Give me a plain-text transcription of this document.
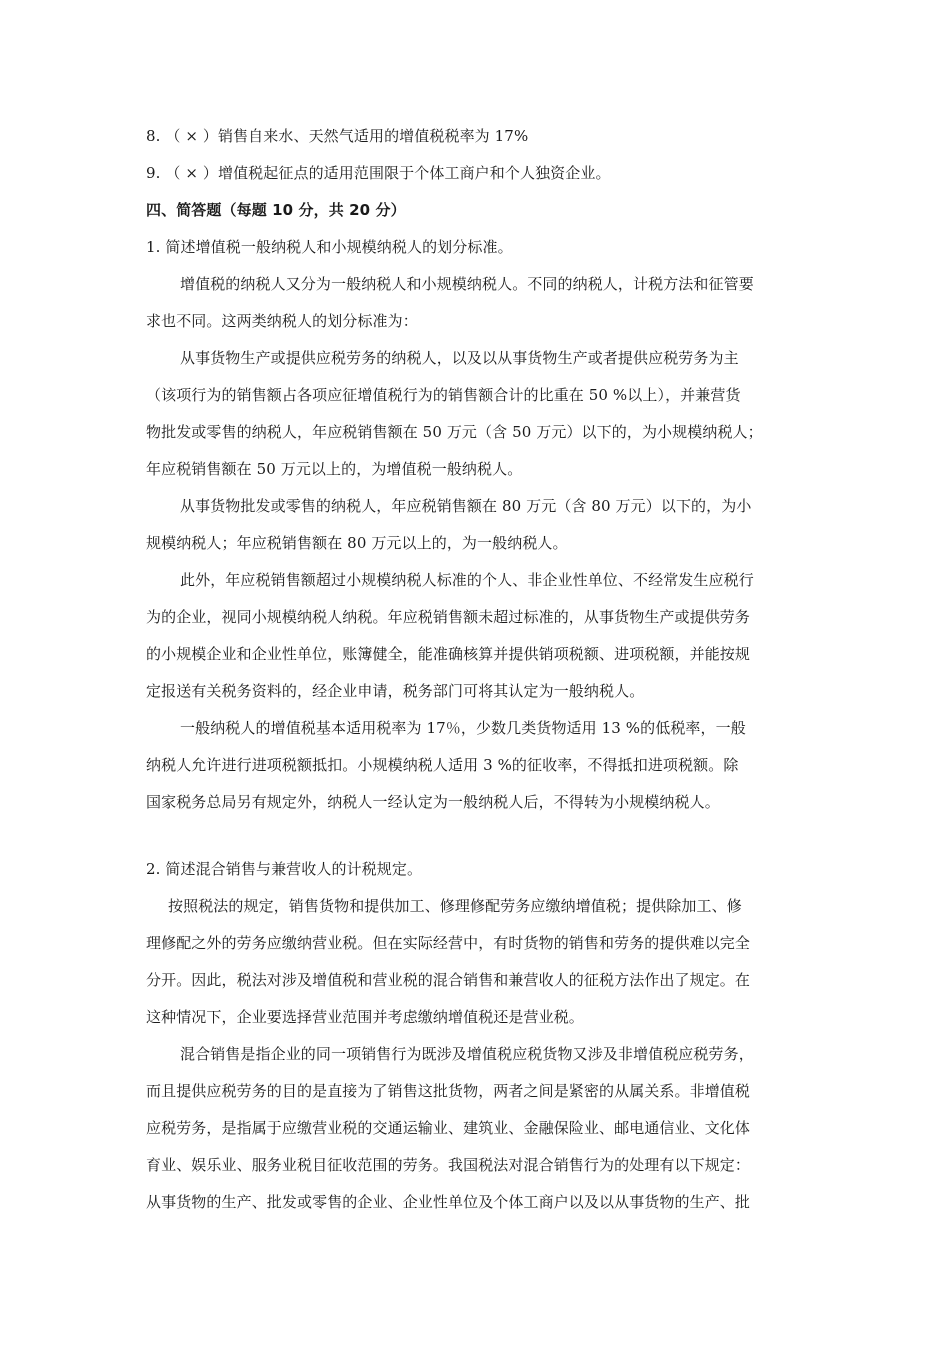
8. （ × ）销售自来水、天然气适用的增值税税率为 17%
9. （ × ）增值税起征点的适用范围限于个体工商户和个人独资企业。
四、简答题（每题 10 分，共 20 分）
1. 简述增值税一般纳税人和小规模纳税人的划分标准。
增值税的纳税人又分为一般纳税人和小规模纳税人。不同的纳税人，计税方法和征管要
求也不同。这两类纳税人的划分标准为：
从事货物生产或提供应税劳务的纳税人，以及以从事货物生产或者提供应税劳务为主
（该项行为的销售额占各项应征增值税行为的销售额合计的比重在 50 %以上），并兼营货
物批发或零售的纳税人，年应税销售额在 50 万元（含 50 万元）以下的，为小规模纳税人；
年应税销售额在 50 万元以上的，为增值税一般纳税人。
从事货物批发或零售的纳税人，年应税销售额在 80 万元（含 80 万元）以下的，为小
规模纳税人；年应税销售额在 80 万元以上的，为一般纳税人。
此外，年应税销售额超过小规模纳税人标准的个人、非企业性单位、不经常发生应税行
为的企业，视同小规模纳税人纳税。年应税销售额未超过标准的，从事货物生产或提供劳务
的小规模企业和企业性单位，账簿健全，能准确核算并提供销项税额、进项税额，并能按规
定报送有关税务资料的，经企业申请，税务部门可将其认定为一般纳税人。
一般纳税人的增值税基本适用税率为 17％，少数几类货物适用 13 %的低税率，一般
纳税人允许进行进项税额抵扣。小规模纳税人适用 3 %的征收率，不得抵扣进项税额。除
国家税务总局另有规定外，纳税人一经认定为一般纳税人后，不得转为小规模纳税人。
2. 简述混合销售与兼营收人的计税规定。
按照税法的规定，销售货物和提供加工、修理修配劳务应缴纳增值税；提供除加工、修
理修配之外的劳务应缴纳营业税。但在实际经营中，有时货物的销售和劳务的提供难以完全
分开。因此，税法对涉及增值税和营业税的混合销售和兼营收人的征税方法作出了规定。在
这种情况下，企业要选择营业范围并考虑缴纳增值税还是营业税。
混合销售是指企业的同一项销售行为既涉及增值税应税货物又涉及非增值税应税劳务，
而且提供应税劳务的目的是直接为了销售这批货物，两者之间是紧密的从属关系。非增值税
应税劳务，是指属于应缴营业税的交通运输业、建筑业、金融保险业、邮电通信业、文化体
育业、娱乐业、服务业税目征收范围的劳务。我国税法对混合销售行为的处理有以下规定：
从事货物的生产、批发或零售的企业、企业性单位及个体工商户以及以从事货物的生产、批
